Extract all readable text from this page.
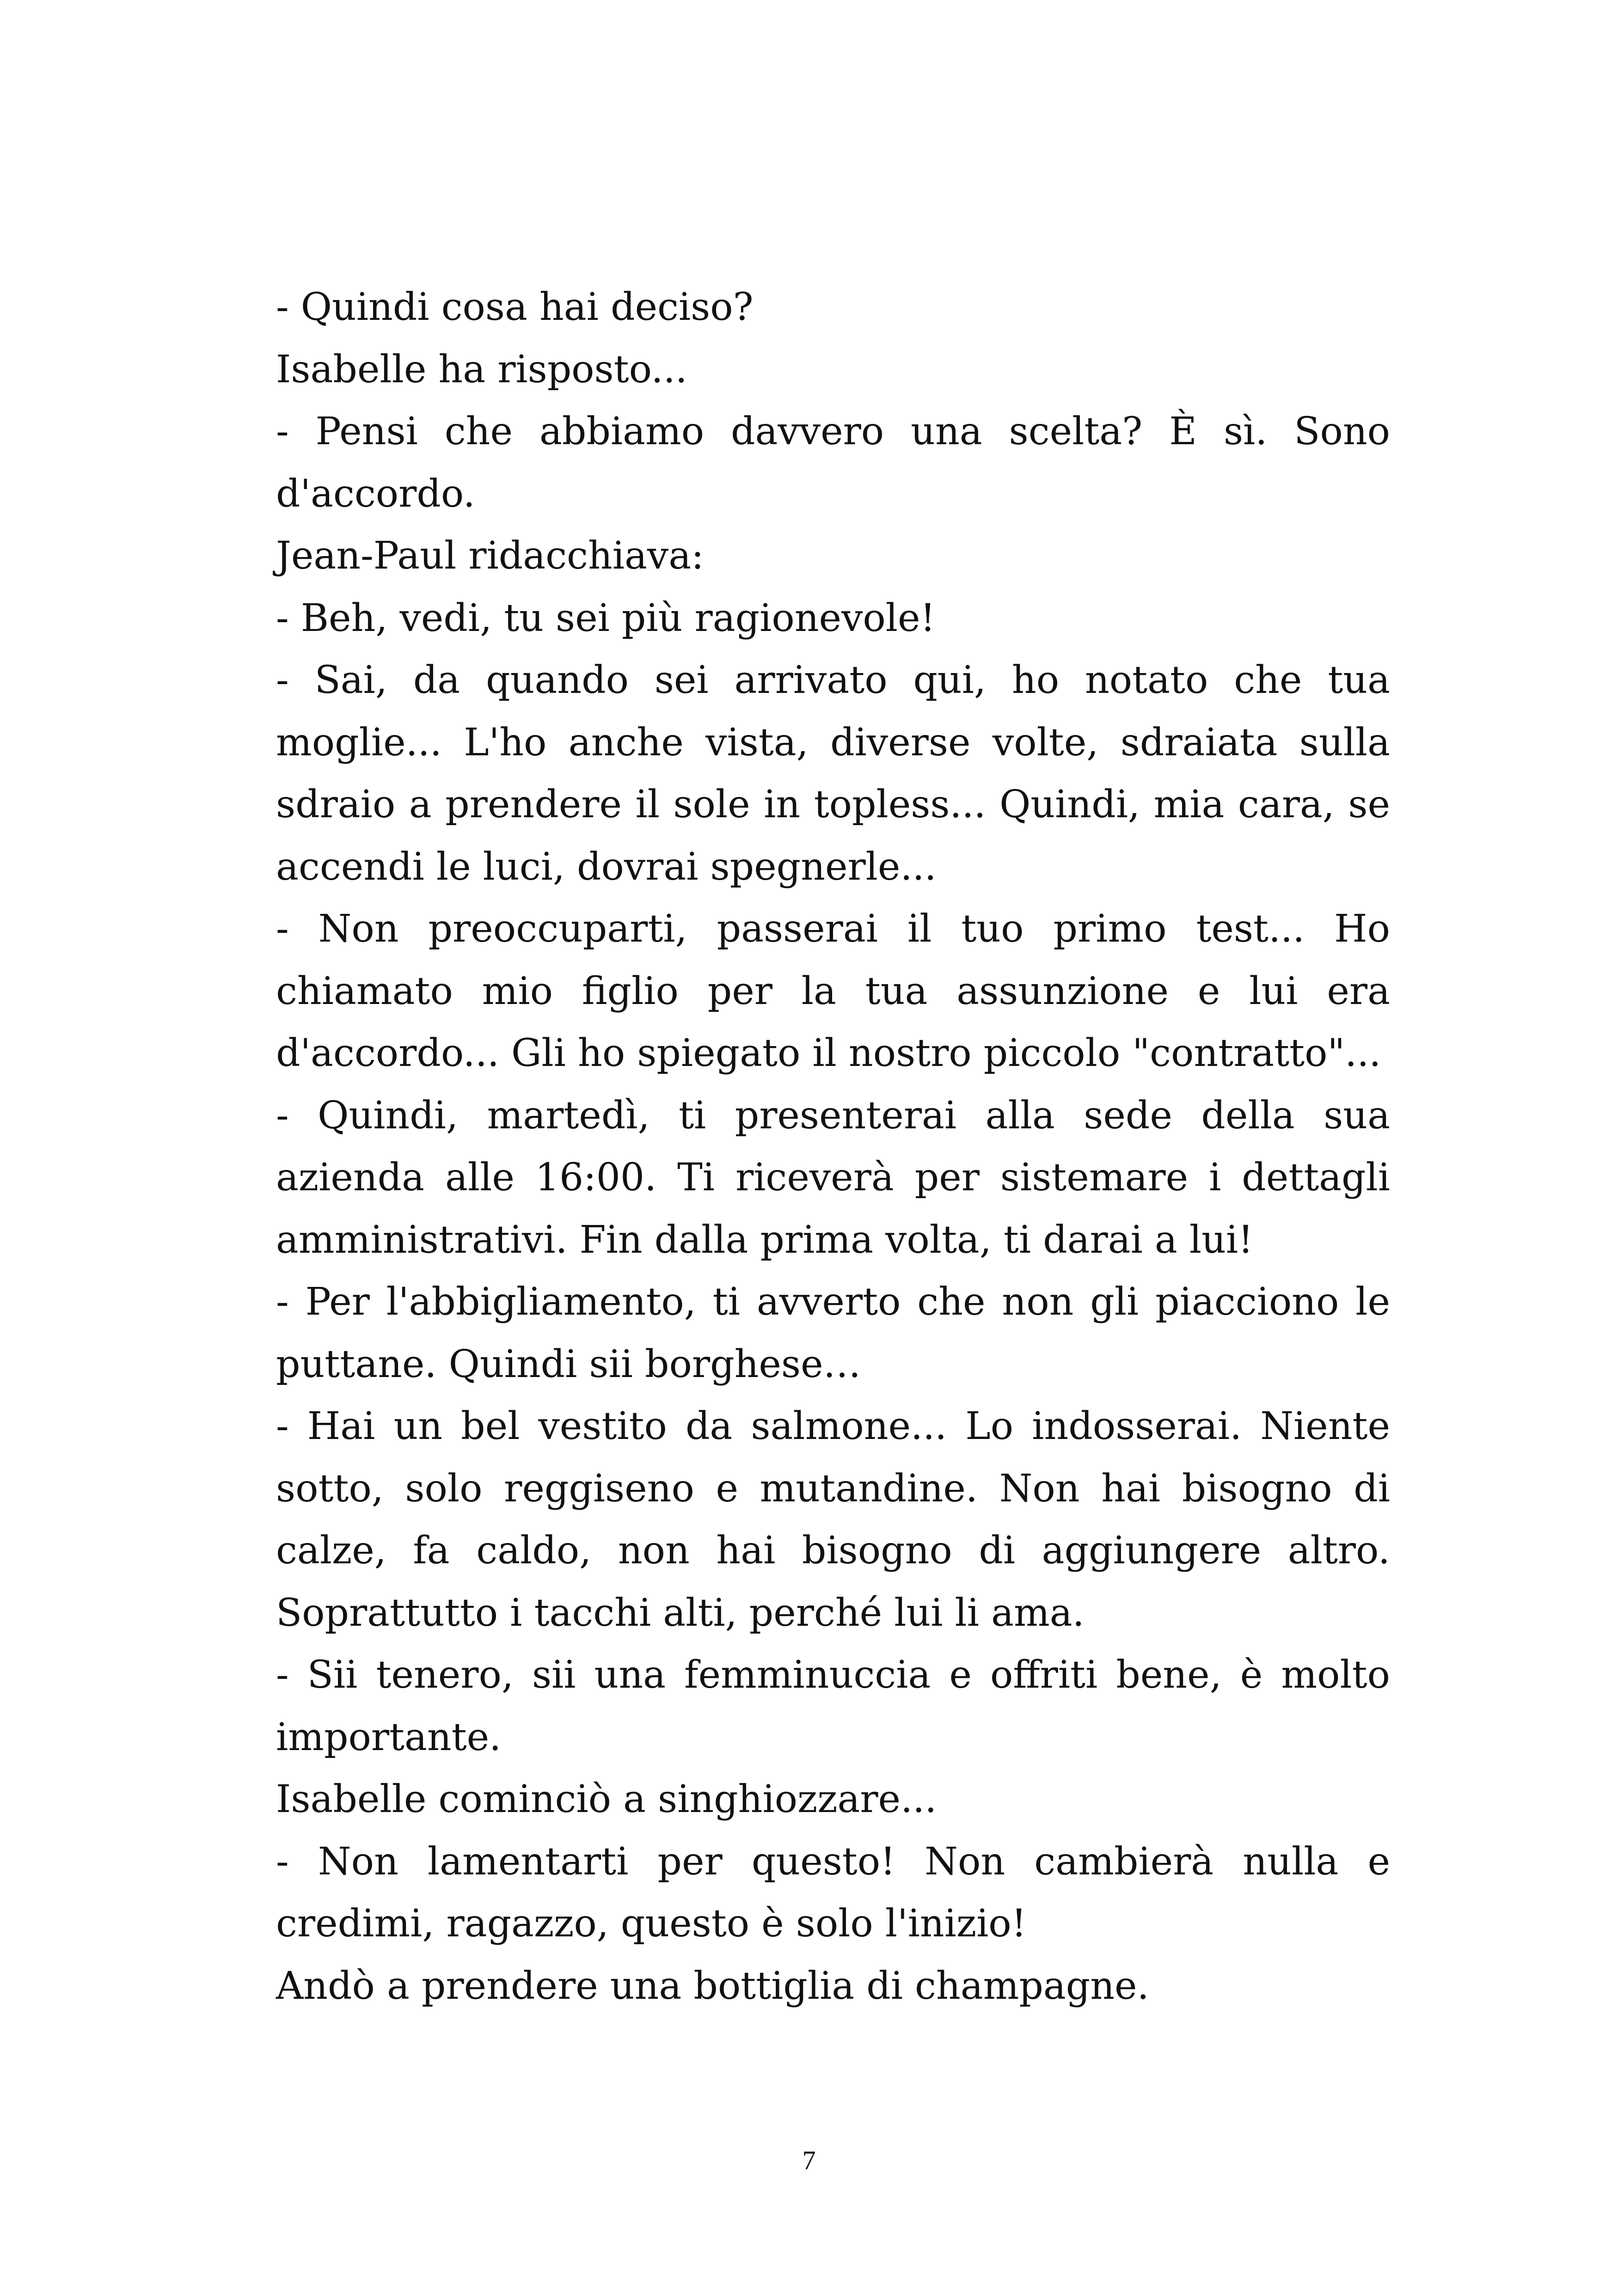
- Quindi cosa hai deciso?

Isabelle ha risposto...

- Pensi che abbiamo davvero una scelta? È sì. Sono d'accordo.

Jean-Paul ridacchiava:

- Beh, vedi, tu sei più ragionevole!

- Sai, da quando sei arrivato qui, ho notato che tua moglie... L'ho anche vista, diverse volte, sdraiata sulla sdraio a prendere il sole in topless... Quindi, mia cara, se accendi le luci, dovrai spegnerle...

- Non preoccuparti, passerai il tuo primo test... Ho chiamato mio figlio per la tua assunzione e lui era d'accordo... Gli ho spiegato il nostro piccolo "contratto"...

- Quindi, martedì, ti presenterai alla sede della sua azienda alle 16:00. Ti riceverà per sistemare i dettagli amministrativi. Fin dalla prima volta, ti darai a lui!

- Per l'abbigliamento, ti avverto che non gli piacciono le puttane. Quindi sii borghese…

- Hai un bel vestito da salmone... Lo indosserai. Niente sotto, solo reggiseno e mutandine. Non hai bisogno di calze, fa caldo, non hai bisogno di aggiungere altro. Soprattutto i tacchi alti, perché lui li ama.

- Sii tenero, sii una femminuccia e offriti bene, è molto importante.

Isabelle cominciò a singhiozzare...

- Non lamentarti per questo! Non cambierà nulla e credimi, ragazzo, questo è solo l'inizio!

Andò a prendere una bottiglia di champagne.

7
